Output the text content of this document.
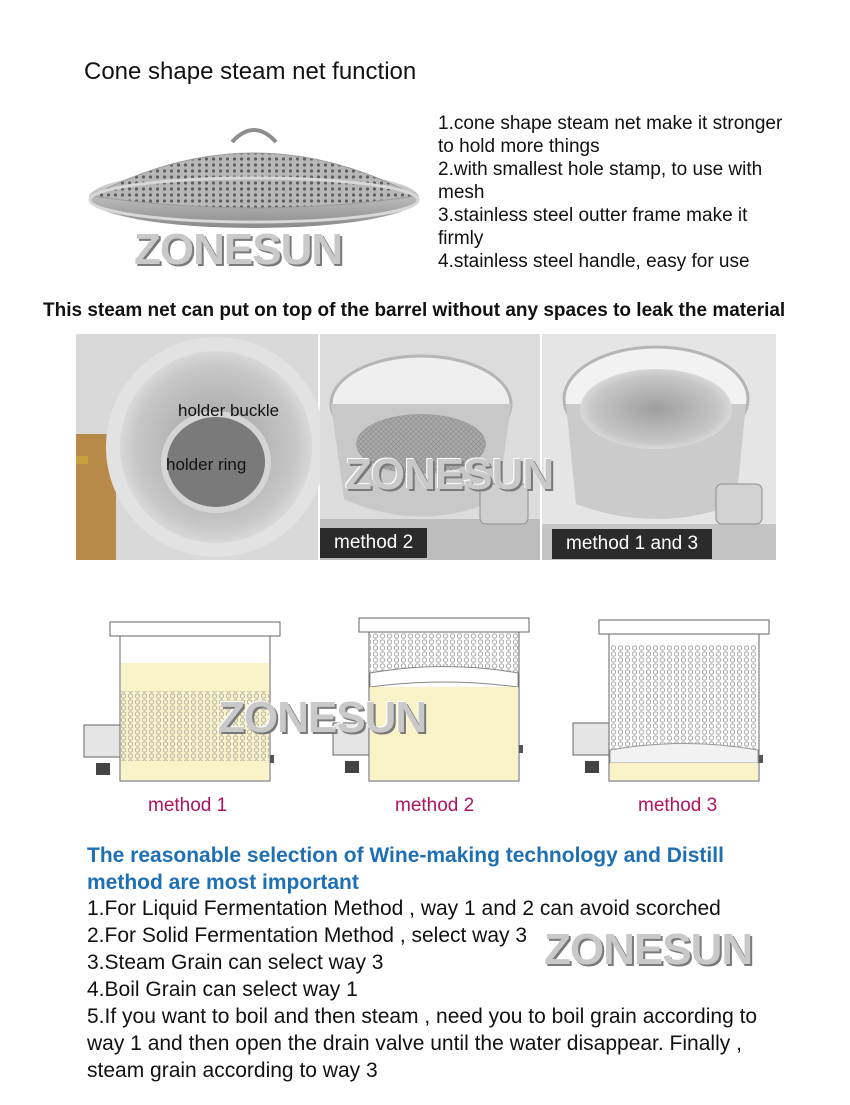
Cone shape steam net function
ZONESUN
1.cone shape steam net make it stronger
to hold more things
2.with smallest hole stamp, to use with
mesh
3.stainless steel outter frame make it
firmly
4.stainless steel handle, easy for use
This steam net can put on top of the barrel without any spaces to leak the material
holder buckle
holder ring
method 2	method 1 and 3
ZONESUN
method 1	method 2	method 3
ZONESUN
The reasonable selection of Wine-making technology and Distill
method are most important
1.For Liquid Fermentation Method , way 1 and 2 can avoid scorched
2.For Solid Fermentation Method , select way 3
3.Steam Grain can select way 3
4.Boil Grain can select way 1
5.If you want to boil and then steam , need you to boil grain according to
way 1 and then open the drain valve until the water disappear. Finally ,
steam grain according to way 3
ZONESUN
